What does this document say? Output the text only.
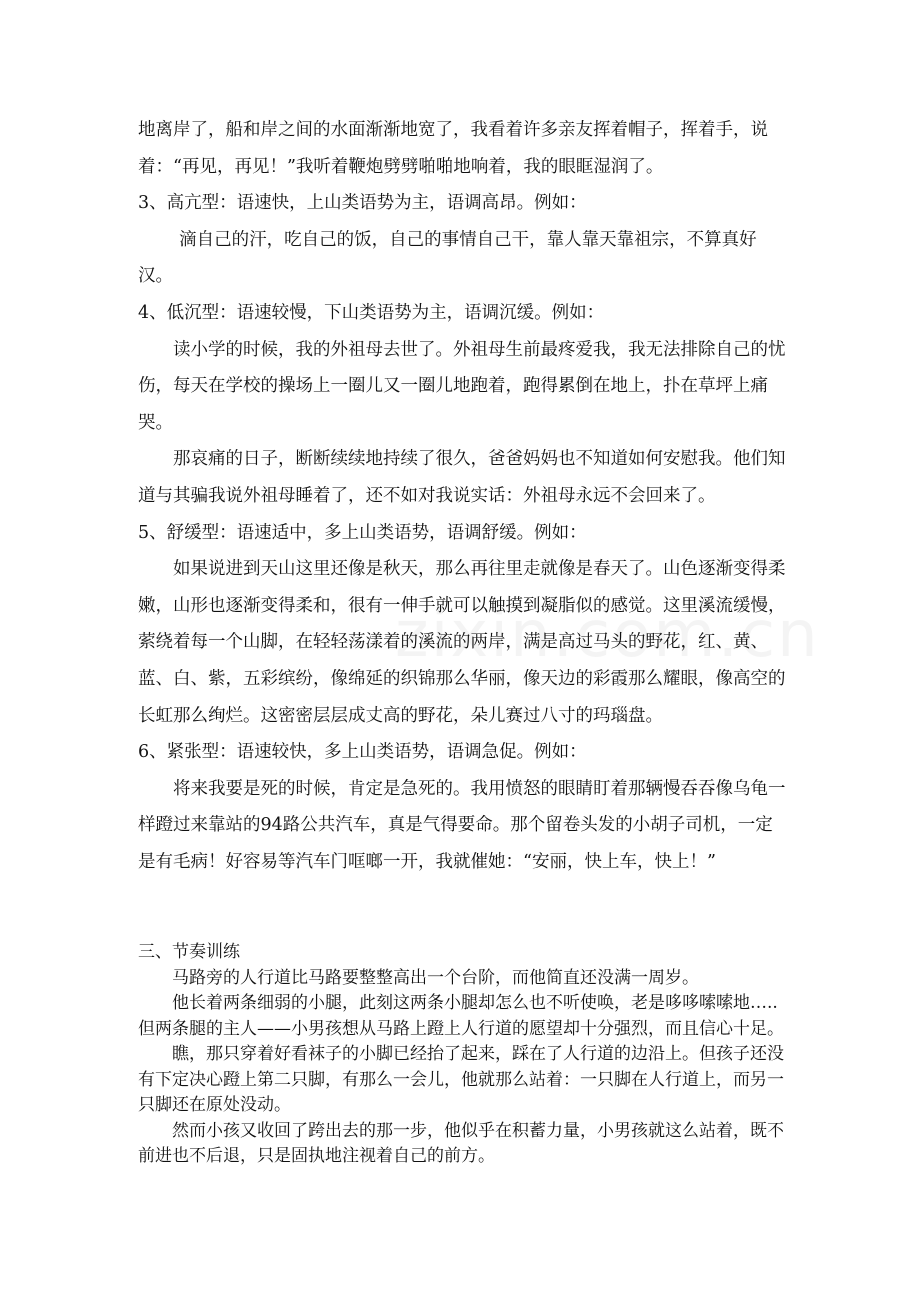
地离岸了，船和岸之间的水面渐渐地宽了，我看着许多亲友挥着帽子，挥着手，说着：“再见，再见！”我听着鞭炮劈劈啪啪地响着，我的眼眶湿润了。

3、高亢型：语速快，上山类语势为主，语调高昂。例如：

滴自己的汗，吃自己的饭，自己的事情自己干，靠人靠天靠祖宗，不算真好汉。

4、低沉型：语速较慢，下山类语势为主，语调沉缓。例如：

读小学的时候，我的外祖母去世了。外祖母生前最疼爱我，我无法排除自己的忧伤，每天在学校的操场上一圈儿又一圈儿地跑着，跑得累倒在地上，扑在草坪上痛哭。

那哀痛的日子，断断续续地持续了很久，爸爸妈妈也不知道如何安慰我。他们知道与其骗我说外祖母睡着了，还不如对我说实话：外祖母永远不会回来了。

5、舒缓型：语速适中，多上山类语势，语调舒缓。例如：

如果说进到天山这里还像是秋天，那么再往里走就像是春天了。山色逐渐变得柔嫩，山形也逐渐变得柔和，很有一伸手就可以触摸到凝脂似的感觉。这里溪流缓慢，萦绕着每一个山脚，在轻轻荡漾着的溪流的两岸，满是高过马头的野花，红、黄、蓝、白、紫，五彩缤纷，像绵延的织锦那么华丽，像天边的彩霞那么耀眼，像高空的长虹那么绚烂。这密密层层成丈高的野花，朵儿赛过八寸的玛瑙盘。

6、紧张型：语速较快，多上山类语势，语调急促。例如：

将来我要是死的时候，肯定是急死的。我用愤怒的眼睛盯着那辆慢吞吞像乌龟一样蹬过来靠站的94路公共汽车，真是气得要命。那个留卷头发的小胡子司机，一定是有毛病！好容易等汽车门哐啷一开，我就催她：“安丽，快上车，快上！”

三、节奏训练

马路旁的人行道比马路要整整高出一个台阶，而他简直还没满一周岁。

他长着两条细弱的小腿，此刻这两条小腿却怎么也不听使唤，老是哆哆嗦嗦地…..但两条腿的主人——小男孩想从马路上蹬上人行道的愿望却十分强烈，而且信心十足。

瞧，那只穿着好看袜子的小脚已经抬了起来，踩在了人行道的边沿上。但孩子还没有下定决心蹬上第二只脚，有那么一会儿，他就那么站着：一只脚在人行道上，而另一只脚还在原处没动。

然而小孩又收回了跨出去的那一步，他似乎在积蓄力量，小男孩就这么站着，既不前进也不后退，只是固执地注视着自己的前方。
